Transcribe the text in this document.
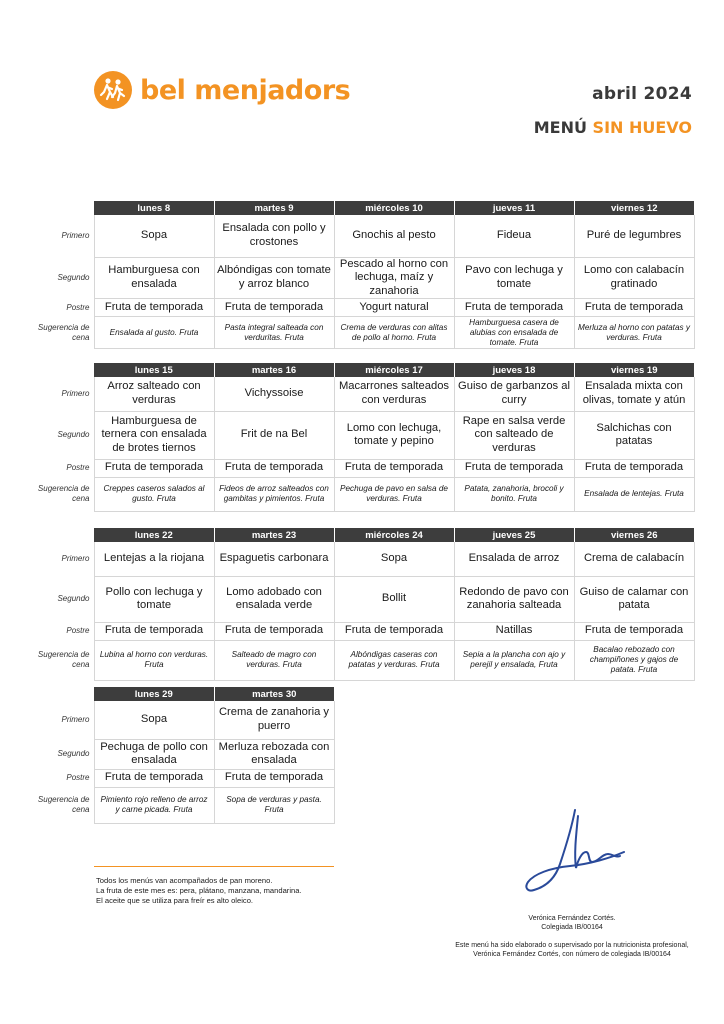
bel menjadors	abril 2024
MENÚ SIN HUEVO
	lunes 8	martes 9	miércoles 10	jueves 11	viernes 12
Primero	Sopa	Ensalada con pollo y crostones	Gnochis al pesto	Fideua	Puré de legumbres
Segundo	Hamburguesa con ensalada	Albóndigas con tomate y arroz blanco	Pescado al horno con lechuga, maíz y zanahoria	Pavo con lechuga y tomate	Lomo con calabacín gratinado
Postre	Fruta de temporada	Fruta de temporada	Yogurt natural	Fruta de temporada	Fruta de temporada
Sugerencia de cena	Ensalada al gusto. Fruta	Pasta integral salteada con verduritas. Fruta	Crema de verduras con alitas de pollo al horno. Fruta	Hamburguesa casera de alubias con ensalada de tomate. Fruta	Merluza al horno con patatas y verduras. Fruta
	lunes 15	martes 16	miércoles 17	jueves 18	viernes 19
Primero	Arroz salteado con verduras	Vichyssoise	Macarrones salteados con verduras	Guiso de garbanzos al curry	Ensalada mixta con olivas, tomate y atún
Segundo	Hamburguesa de ternera con ensalada de brotes tiernos	Frit de na Bel	Lomo con lechuga, tomate y pepino	Rape en salsa verde con salteado de verduras	Salchichas con patatas
Postre	Fruta de temporada	Fruta de temporada	Fruta de temporada	Fruta de temporada	Fruta de temporada
Sugerencia de cena	Creppes caseros salados al gusto. Fruta	Fideos de arroz salteados con gambitas y pimientos. Fruta	Pechuga de pavo en salsa de verduras. Fruta	Patata, zanahoria, brocoli y bonito. Fruta	Ensalada de lentejas. Fruta
	lunes 22	martes 23	miércoles 24	jueves 25	viernes 26
Primero	Lentejas a la riojana	Espaguetis carbonara	Sopa	Ensalada de arroz	Crema de calabacín
Segundo	Pollo con lechuga y tomate	Lomo adobado con ensalada verde	Bollit	Redondo de pavo con zanahoria salteada	Guiso de calamar con patata
Postre	Fruta de temporada	Fruta de temporada	Fruta de temporada	Natillas	Fruta de temporada
Sugerencia de cena	Lubina al horno con verduras. Fruta	Salteado de magro con verduras. Fruta	Albóndigas caseras con patatas y verduras. Fruta	Sepia a la plancha con ajo y perejil y ensalada, Fruta	Bacalao rebozado con champiñones y gajos de patata. Fruta
	lunes 29	martes 30
Primero	Sopa	Crema de zanahoria y puerro
Segundo	Pechuga de pollo con ensalada	Merluza rebozada con ensalada
Postre	Fruta de temporada	Fruta de temporada
Sugerencia de cena	Pimiento rojo relleno de arroz y carne picada. Fruta	Sopa de verduras y pasta. Fruta
Todos los menús van acompañados de pan moreno.
La fruta de este mes es: pera, plátano, manzana, mandarina.
El aceite que se utiliza para freír es alto oleico.
Verónica Fernández Cortés.
Colegiada IB/00164
Este menú ha sido elaborado o supervisado por la nutricionista profesional,
Verónica Fernández Cortés, con número de colegiada IB/00164
